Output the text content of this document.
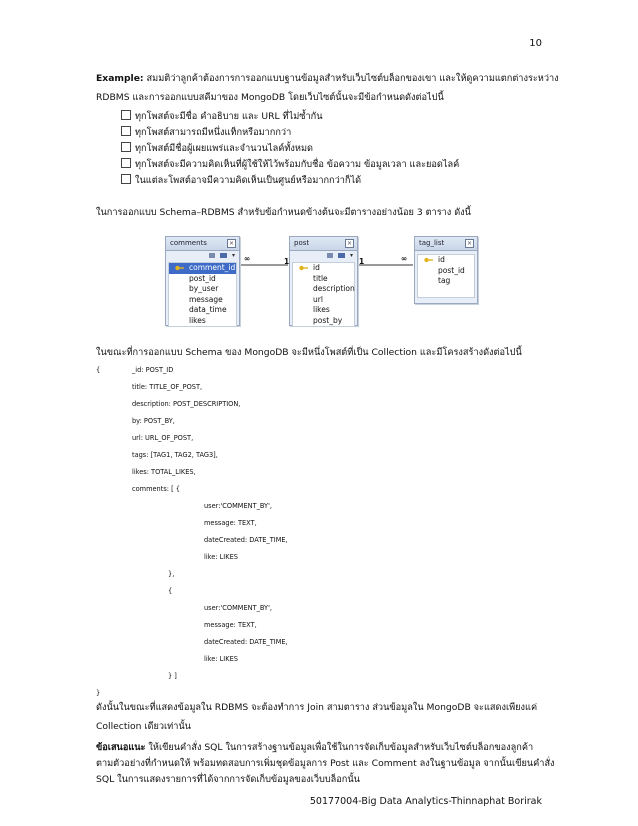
10
Example: สมมติว่าลูกค้าต้องการการออกแบบฐานข้อมูลสำหรับเว็บไซต์บล็อกของเขา และให้ดูความแตกต่างระหว่าง
RDBMS และการออกแบบสคีมาของ MongoDB โดยเว็บไซต์นั้นจะมีข้อกำหนดดังต่อไปนี้
ทุกโพสต์จะมีชื่อ คำอธิบาย และ URL ที่ไม่ซ้ำกัน
ทุกโพสต์สามารถมีหนึ่งแท็กหรือมากกว่า
ทุกโพสต์มีชื่อผู้เผยแพร่และจำนวนไลค์ทั้งหมด
ทุกโพสต์จะมีความคิดเห็นที่ผู้ใช้ให้ไว้พร้อมกับชื่อ ข้อความ ข้อมูลเวลา และยอดไลค์
ในแต่ละโพสต์อาจมีความคิดเห็นเป็นศูนย์หรือมากกว่าก็ได้
ในการออกแบบ Schema–RDBMS สำหรับข้อกำหนดข้างต้นจะมีตารางอย่างน้อย 3 ตาราง ดังนี้
∞	1	1	∞
comments	×
▾
comment_id
post_id
by_user
message
data_time
likes
post	×
▾
id
title
description
url
likes
post_by
tag_list	×
id
post_id
tag
ในขณะที่การออกแบบ Schema ของ MongoDB จะมีหนึ่งโพสต์ที่เป็น Collection และมีโครงสร้างดังต่อไปนี้
{	_id: POST_ID
title: TITLE_OF_POST,
description: POST_DESCRIPTION,
by: POST_BY,
url: URL_OF_POST,
tags: [TAG1, TAG2, TAG3],
likes: TOTAL_LIKES,
comments: [ {
user:'COMMENT_BY',
message: TEXT,
dateCreated: DATE_TIME,
like: LIKES
},
{
user:'COMMENT_BY',
message: TEXT,
dateCreated: DATE_TIME,
like: LIKES
} ]
}
ดังนั้นในขณะที่แสดงข้อมูลใน RDBMS จะต้องทำการ Join สามตาราง ส่วนข้อมูลใน MongoDB จะแสดงเพียงแค่
Collection เดียวเท่านั้น
ข้อเสนอแนะ ให้เขียนคำสั่ง SQL ในการสร้างฐานข้อมูลเพื่อใช้ในการจัดเก็บข้อมูลสำหรับเว็บไซต์บล็อกของลูกค้า
ตามตัวอย่างที่กำหนดให้ พร้อมทดสอบการเพิ่มชุดข้อมูลการ Post และ Comment ลงในฐานข้อมูล จากนั้นเขียนคำสั่ง
SQL ในการแสดงรายการที่ได้จากการจัดเก็บข้อมูลของเว็บบล็อกนั้น
50177004-Big Data Analytics-Thinnaphat Borirak
